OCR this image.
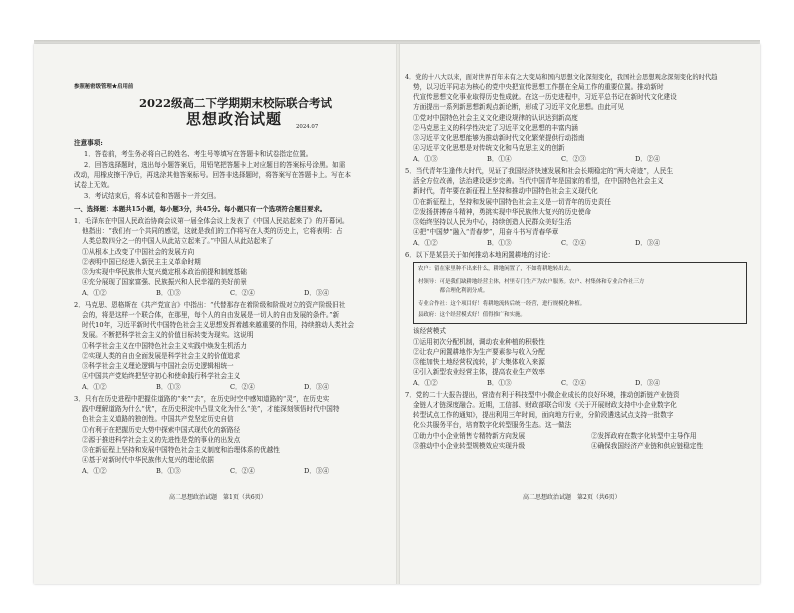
参照秘密级管理★启用前
2022级高二下学期期末校际联合考试
思想政治试题	2024.07
注意事项:
1．答卷前，考生务必将自己的姓名、考生号等填写在答题卡和试卷指定位置。
2．回答选择题时，选出每小题答案后，用铅笔把答题卡上对应题目的答案标号涂黑。如需
改动，用橡皮擦干净后，再选涂其他答案标号。回答非选择题时，将答案写在答题卡上。写在本
试卷上无效。
3．考试结束后，将本试卷和答题卡一并交回。
一、选择题：本题共15小题，每小题3分，共45分。每小题只有一个选项符合题目要求。
1．毛泽东在中国人民政治协商会议第一届全体会议上发表了《中国人民站起来了》的开幕词。
他指出：“我们有一个共同的感觉，这就是我们的工作将写在人类的历史上，它将表明：占
人类总数四分之一的中国人从此站立起来了。”中国人从此站起来了
①从根本上改变了中国社会的发展方向
②表明中国已经进入新民主主义革命时期
③为实现中华民族伟大复兴奠定根本政治前提和制度基础
④充分展现了国家富强、民族振兴和人民幸福的美好前景
A．①②	B．①③	C．②④	D．③④
2．马克思、恩格斯在《共产党宣言》中指出：“代替那存在着阶级和阶级对立的资产阶级旧社
会的，将是这样一个联合体，在那里，每个人的自由发展是一切人的自由发展的条件。”新
时代10年，习近平新时代中国特色社会主义思想发挥着越来越重要的作用，持续推动人类社会
发展。不断把科学社会主义的价值目标转变为现实。这说明
①科学社会主义在中国特色社会主义实践中焕发生机活力
②实现人类的自由全面发展是科学社会主义的价值追求
③科学社会主义理论逻辑与中国社会历史逻辑相统一
④中国共产党始终把坚守初心和使命践行科学社会主义
A．①②	B．①③	C．②④	D．③④
3．只有在历史进程中把握住道路的“来”“去”，在历史时空中感知道路的“灵”，在历史实
践中理解道路为什么“优”，在历史积淀中凸显文化为什么“美”，才能深刻领悟时代中国特
色社会主义道路的独创性。中国共产党坚定历史自信
①有利于在把握历史大势中探索中国式现代化的新路径
②源于推进科学社会主义的先进性是党的事业的出发点
③在新征程上坚持和发展中国特色社会主义制度和治理体系的优越性
④基于对新时代中华民族伟大复兴的理论依据
A．①②	B．①③	C．②④	D．③④
高二思想政治试题　第1页（共6页）
4．党的十八大以来，面对世界百年未有之大变局和国内思想文化深刻变化，我国社会思想观念深刻变化的时代趋
势，以习近平同志为核心的党中央把宣传思想工作摆在全局工作的重要位置。推动新时
代宣传思想文化事业取得历史性成就。在这一历史进程中，习近平总书记在新时代文化建设
方面提出一系列新思想新观点新论断，形成了习近平文化思想。由此可见
①党对中国特色社会主义文化建设规律的认识达到新高度
②马克思主义的科学性决定了习近平文化思想的丰富内涵
③习近平文化思想能够为推动新时代文化繁荣提供行动指南
④习近平文化思想是对传统文化和马克思主义的创新
A．①③	B．①④	C．②③	D．②④
5．当代青年生逢伟大时代，见证了我国经济快速发展和社会长期稳定的“两大奇迹”，人民生
活全方位改善，法治建设逐步完善。当代中国青年是国家的希望，在中国特色社会主义
新时代，青年要在新征程上坚持和推动中国特色社会主义现代化
①在新征程上，坚持和发展中国特色社会主义是一切青年的历史责任
②发扬拼搏奋斗精神，勇挑实现中华民族伟大复兴的历史使命
③始终坚持以人民为中心，持续创造人民群众美好生活
④把“中国梦”融入“青春梦”，用奋斗书写青春华章
A．①②	B．①③	C．②④	D．③④
6．以下是某县关于如何推动本地闲置耕地的讨论：
农户：留在家里种不出来什么，耕地闲置了，不如将耕地转出去。
村领导：可是我们缺耕地经营主体，村里专门生产为农户服务。农户、村集体和专业合作社三方
　　　　都合理化利润分成。
专业合作社：这个项目好！将耕地流转后统一经营，进行规模化种植。
县政府：这个经营模式好！值得推广和实施。
该经营模式
①运用初次分配机制，调动农业种植的积极性
②让农户闲置耕地作为生产要素参与收入分配
③能加快土地经营权流转，扩大集体收入来源
④引入新型农业经营主体，提高农业生产效率
A．①②	B．①③	C．②④	D．③④
7．党的二十大报告提出，营造有利于科技型中小微企业成长的良好环境，推动创新链产业链资
金链人才链深度融合。近期，工信部、财政部联合印发《关于开展财政支持中小企业数字化
转型试点工作的通知》，提出利用三年时间，面向地方行业，分阶段遴选试点支持一批数字
化公共服务平台，培育数字化转型服务生态。这一做法
①助力中小企业销售专精特新方向发展	②发挥政府在数字化转型中主导作用
③推动中小企业转型规模效应实现升级	④确保我国经济产业链和供应链稳定性
高二思想政治试题　第2页（共6页）
